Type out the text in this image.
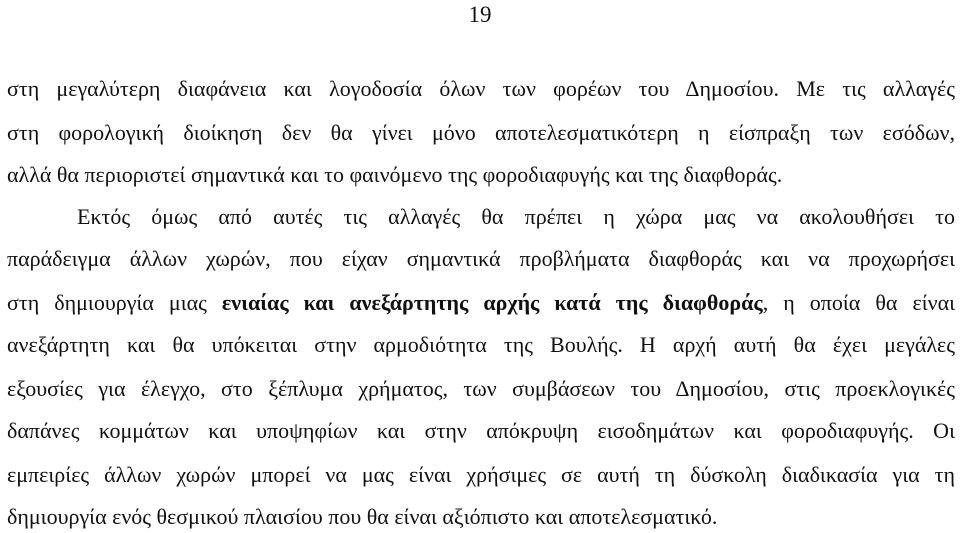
19
στη μεγαλύτερη διαφάνεια και λογοδοσία όλων των φορέων του Δημοσίου. Με τις αλλαγές
στη φορολογική διοίκηση δεν θα γίνει μόνο αποτελεσματικότερη η είσπραξη των εσόδων,
αλλά θα περιοριστεί σημαντικά και το φαινόμενο της φοροδιαφυγής και της διαφθοράς.
Εκτός όμως από αυτές τις αλλαγές θα πρέπει η χώρα μας να ακολουθήσει το
παράδειγμα άλλων χωρών, που είχαν σημαντικά προβλήματα διαφθοράς και να προχωρήσει
στη δημιουργία μιας ενιαίας και ανεξάρτητης αρχής κατά της διαφθοράς, η οποία θα είναι
ανεξάρτητη και θα υπόκειται στην αρμοδιότητα της Βουλής. Η αρχή αυτή θα έχει μεγάλες
εξουσίες για έλεγχο, στο ξέπλυμα χρήματος, των συμβάσεων του Δημοσίου, στις προεκλογικές
δαπάνες κομμάτων και υποψηφίων και στην απόκρυψη εισοδημάτων και φοροδιαφυγής. Οι
εμπειρίες άλλων χωρών μπορεί να μας είναι χρήσιμες σε αυτή τη δύσκολη διαδικασία για τη
δημιουργία ενός θεσμικού πλαισίου που θα είναι αξιόπιστο και αποτελεσματικό.
